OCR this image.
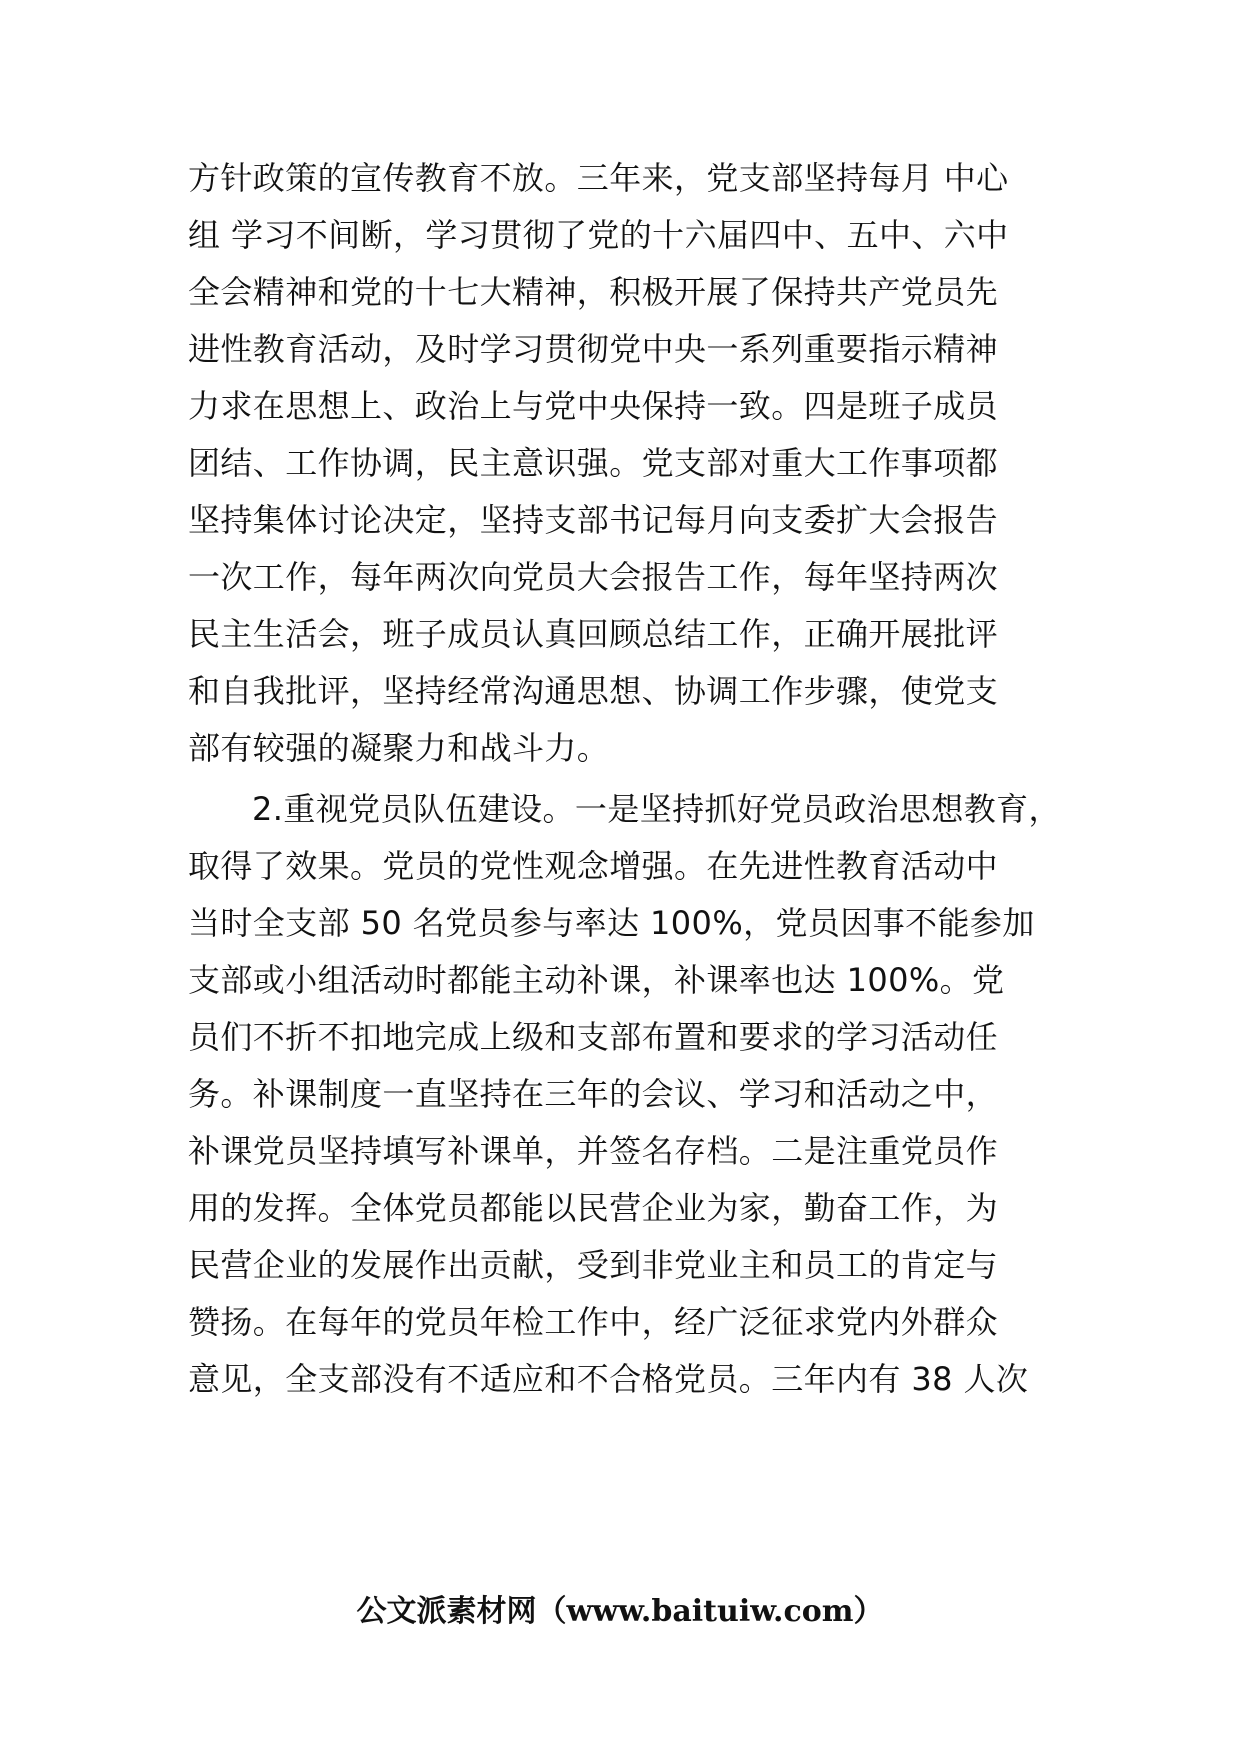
方针政策的宣传教育不放。三年来，党支部坚持每月 中心
组 学习不间断，学习贯彻了党的十六届四中、五中、六中
全会精神和党的十七大精神，积极开展了保持共产党员先
进性教育活动，及时学习贯彻党中央一系列重要指示精神
力求在思想上、政治上与党中央保持一致。四是班子成员
团结、工作协调，民主意识强。党支部对重大工作事项都
坚持集体讨论决定，坚持支部书记每月向支委扩大会报告
一次工作，每年两次向党员大会报告工作，每年坚持两次
民主生活会，班子成员认真回顾总结工作，正确开展批评
和自我批评，坚持经常沟通思想、协调工作步骤，使党支
部有较强的凝聚力和战斗力。
2.重视党员队伍建设。一是坚持抓好党员政治思想教育，
取得了效果。党员的党性观念增强。在先进性教育活动中
当时全支部 50 名党员参与率达 100%，党员因事不能参加
支部或小组活动时都能主动补课，补课率也达 100%。党
员们不折不扣地完成上级和支部布置和要求的学习活动任
务。补课制度一直坚持在三年的会议、学习和活动之中，
补课党员坚持填写补课单，并签名存档。二是注重党员作
用的发挥。全体党员都能以民营企业为家，勤奋工作，为
民营企业的发展作出贡献，受到非党业主和员工的肯定与
赞扬。在每年的党员年检工作中，经广泛征求党内外群众
意见，全支部没有不适应和不合格党员。三年内有 38 人次
公文派素材网（www.baituiw.com）
